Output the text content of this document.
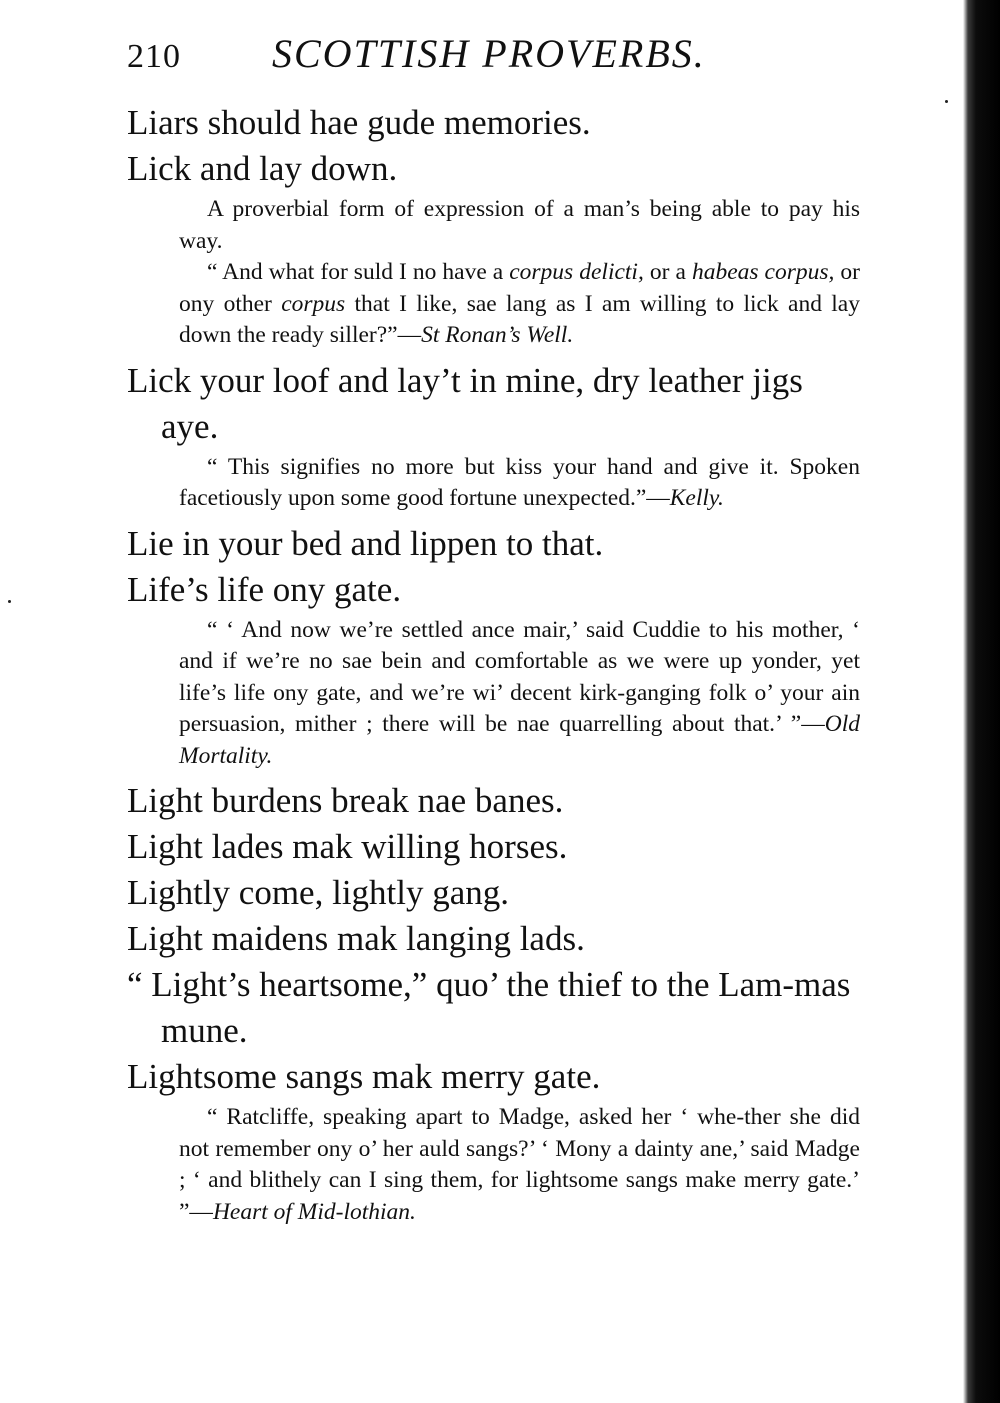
210 SCOTTISH PROVERBS.

Liars should hae gude memories.

Lick and lay down.

A proverbial form of expression of a man’s being able to pay his way.

“ And what for suld I no have a corpus delicti, or a habeas corpus, or ony other corpus that I like, sae lang as I am willing to lick and lay down the ready siller?”—St Ronan’s Well.

Lick your loof and lay’t in mine, dry leather jigs aye.

“ This signifies no more but kiss your hand and give it. Spoken facetiously upon some good fortune unexpected.”—Kelly.

Lie in your bed and lippen to that.

Life’s life ony gate.

“ ‘ And now we’re settled ance mair,’ said Cuddie to his mother, ‘ and if we’re no sae bein and comfortable as we were up yonder, yet life’s life ony gate, and we’re wi’ decent kirk-ganging folk o’ your ain persuasion, mither ; there will be nae quarrelling about that.’ ”—Old Mortality.

Light burdens break nae banes.

Light lades mak willing horses.

Lightly come, lightly gang.

Light maidens mak langing lads.

“ Light’s heartsome,” quo’ the thief to the Lam-mas mune.

Lightsome sangs mak merry gate.

“ Ratcliffe, speaking apart to Madge, asked her ‘ whe-ther she did not remember ony o’ her auld sangs?’ ‘ Mony a dainty ane,’ said Madge ; ‘ and blithely can I sing them, for lightsome sangs make merry gate.’ ”—Heart of Mid-lothian.
